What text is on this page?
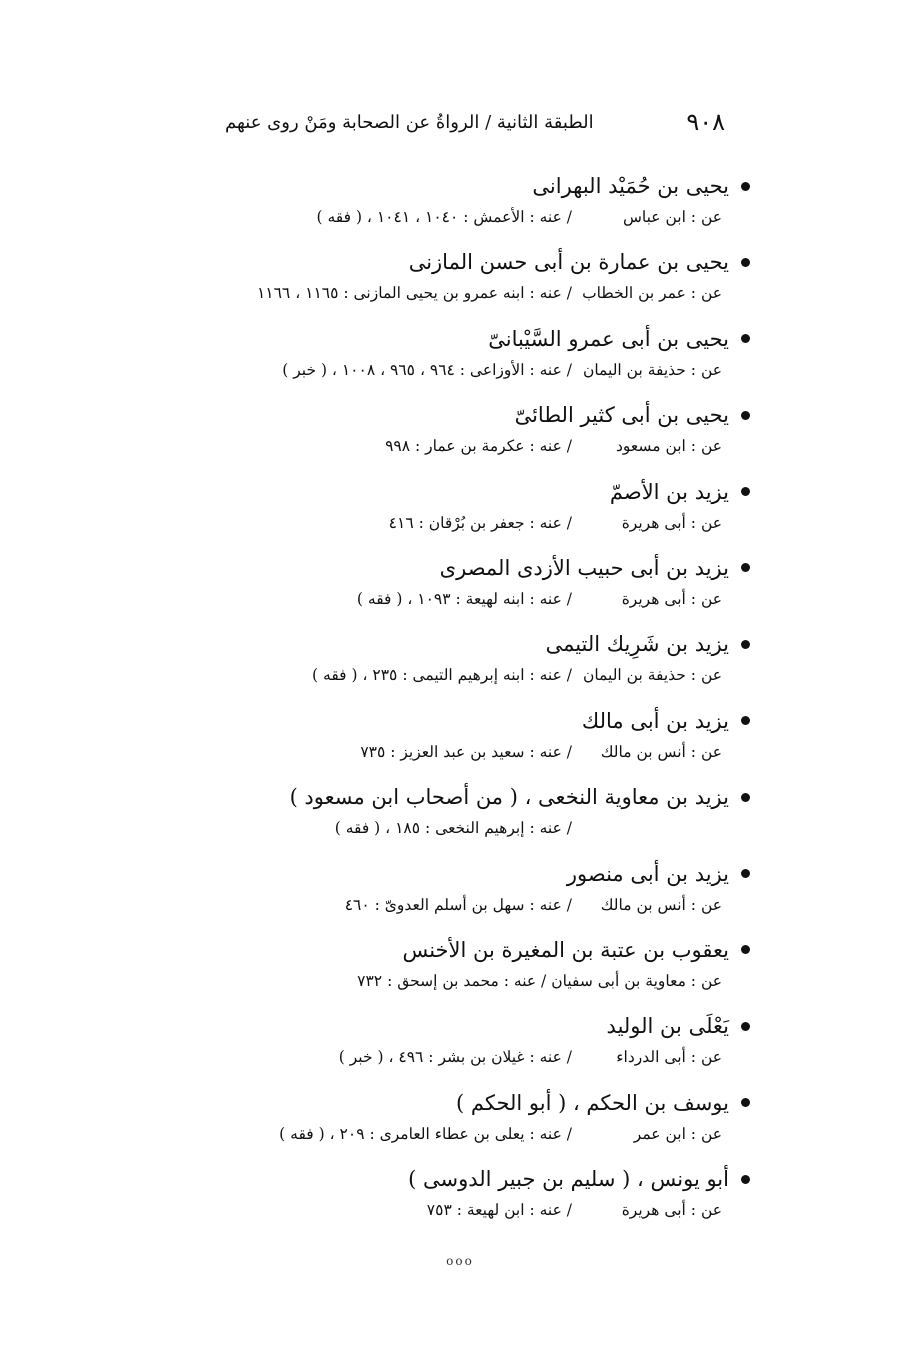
٩٠٨
الطبقة الثانية / الرواةُ عن الصحابة ومَنْ روى عنهم
يحيى بن حُمَيْد البهرانى
عن : ابن عباس/ عنه : الأعمش : ١٠٤٠ ، ١٠٤١ ، ( فقه )
يحيى بن عمارة بن أبى حسن المازنى
عن : عمر بن الخطاب/ عنه : ابنه عمرو بن يحيى المازنى : ١١٦٥ ، ١١٦٦
يحيى بن أبى عمرو السَّيْبانىّ
عن : حذيفة بن اليمان/ عنه : الأوزاعى : ٩٦٤ ، ٩٦٥ ، ١٠٠٨ ، ( خبر )
يحيى بن أبى كثير الطائىّ
عن : ابن مسعود/ عنه : عكرمة بن عمار : ٩٩٨
يزيد بن الأصمّ
عن : أبى هريرة/ عنه : جعفر بن بُرْقان : ٤١٦
يزيد بن أبى حبيب الأزدى المصرى
عن : أبى هريرة/ عنه : ابنه لهيعة : ١٠٩٣ ، ( فقه )
يزيد بن شَرِيك التيمى
عن : حذيفة بن اليمان/ عنه : ابنه إبرهيم التيمى : ٢٣٥ ، ( فقه )
يزيد بن أبى مالك
عن : أنس بن مالك/ عنه : سعيد بن عبد العزيز : ٧٣٥
يزيد بن معاوية النخعى ، ( من أصحاب ابن مسعود )
/ عنه : إبرهيم النخعى : ١٨٥ ، ( فقه )
يزيد بن أبى منصور
عن : أنس بن مالك/ عنه : سهل بن أسلم العدوىّ : ٤٦٠
يعقوب بن عتبة بن المغيرة بن الأخنس
عن : معاوية بن أبى سفيان / عنه : محمد بن إسحق : ٧٣٢
يَعْلَى بن الوليد
عن : أبى الدرداء/ عنه : غيلان بن بشر : ٤٩٦ ، ( خبر )
يوسف بن الحكم ، ( أبو الحكم )
عن : ابن عمر/ عنه : يعلى بن عطاء العامرى : ٢٠٩ ، ( فقه )
أبو يونس ، ( سليم بن جبير الدوسى )
عن : أبى هريرة/ عنه : ابن لهيعة : ٧٥٣
ooo
